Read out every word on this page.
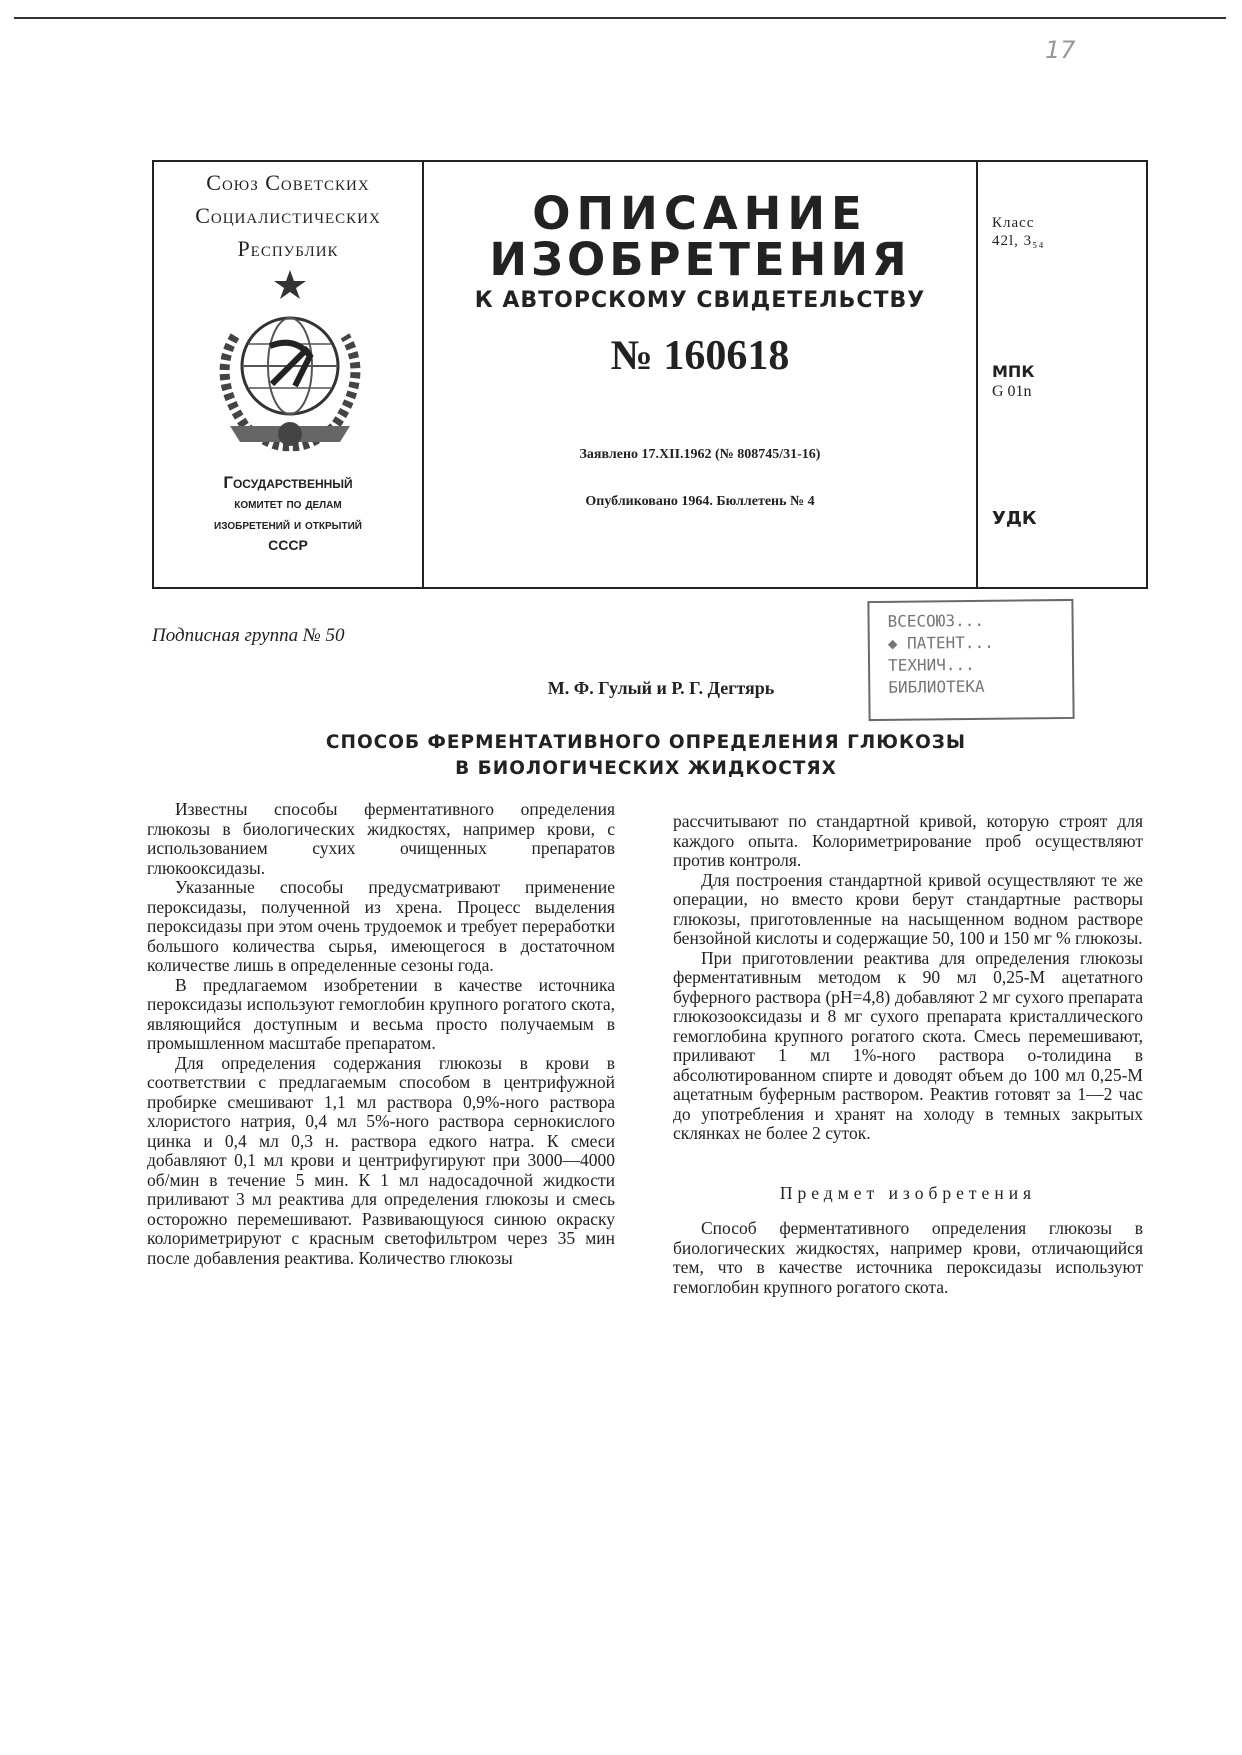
17
Союз Советских
Социалистических
Республик
Государственный
комитет по делам
изобретений и открытий
СССР
ОПИСАНИЕ
ИЗОБРЕТЕНИЯ
К АВТОРСКОМУ СВИДЕТЕЛЬСТВУ
№ 160618
Заявлено 17.XII.1962 (№ 808745/31-16)
Опубликовано 1964. Бюллетень № 4
Класс
42l, 3₅₄
МПК
G 01n
УДК
Подписная группа № 50
ВСЕСОЮЗ...
◆ ПАТЕНТ...
ТЕХНИЧ...
БИБЛИОТЕКА
М. Ф. Гулый и Р. Г. Дегтярь
СПОСОБ ФЕРМЕНТАТИВНОГО ОПРЕДЕЛЕНИЯ ГЛЮКОЗЫ
В БИОЛОГИЧЕСКИХ ЖИДКОСТЯХ

Известны способы ферментативного определения глюкозы в биологических жидкостях, например крови, с использованием сухих очищенных препаратов глюкооксидазы.

Указанные способы предусматривают применение пероксидазы, полученной из хрена. Процесс выделения пероксидазы при этом очень трудоемок и требует переработки большого количества сырья, имеющегося в достаточном количестве лишь в определенные сезоны года.

В предлагаемом изобретении в качестве источника пероксидазы используют гемоглобин крупного рогатого скота, являющийся доступным и весьма просто получаемым в промышленном масштабе препаратом.

Для определения содержания глюкозы в крови в соответствии с предлагаемым способом в центрифужной пробирке смешивают 1,1 мл раствора 0,9%-ного раствора хлористого натрия, 0,4 мл 5%-ного раствора сернокислого цинка и 0,4 мл 0,3 н. раствора едкого натра. К смеси добавляют 0,1 мл крови и центрифугируют при 3000—4000 об/мин в течение 5 мин. К 1 мл надосадочной жидкости приливают 3 мл реактива для определения глюкозы и смесь осторожно перемешивают. Развивающуюся синюю окраску колориметрируют с красным светофильтром через 35 мин после добавления реактива. Количество глюкозы

рассчитывают по стандартной кривой, которую строят для каждого опыта. Колориметрирование проб осуществляют против контроля.

Для построения стандартной кривой осуществляют те же операции, но вместо крови берут стандартные растворы глюкозы, приготовленные на насыщенном водном растворе бензойной кислоты и содержащие 50, 100 и 150 мг % глюкозы.

При приготовлении реактива для определения глюкозы ферментативным методом к 90 мл 0,25-М ацетатного буферного раствора (рН=4,8) добавляют 2 мг сухого препарата глюкозооксидазы и 8 мг сухого препарата кристаллического гемоглобина крупного рогатого скота. Смесь перемешивают, приливают 1 мл 1%-ного раствора о-толидина в абсолютированном спирте и доводят объем до 100 мл 0,25-М ацетатным буферным раствором. Реактив готовят за 1—2 час до употребления и хранят на холоду в темных закрытых склянках не более 2 суток.

Предмет изобретения

Способ ферментативного определения глюкозы в биологических жидкостях, например крови, отличающийся тем, что в качестве источника пероксидазы используют гемоглобин крупного рогатого скота.
